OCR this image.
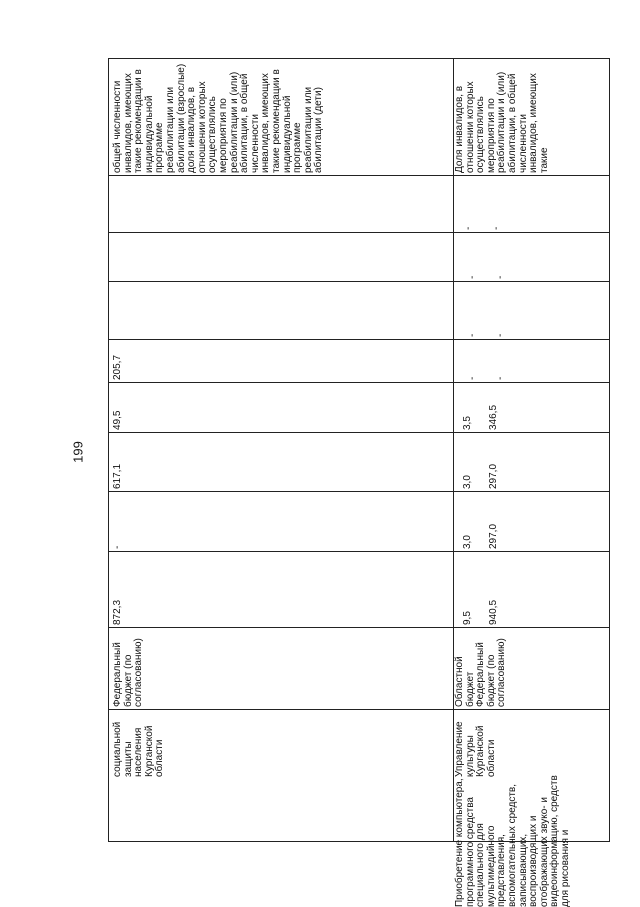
199
общей численности инвалидов, имеющих такие рекомендации в индивидуальной программе реабилитации или абилитации (взрослые) доля инвалидов, в отношении которых осуществлялись мероприятия по реабилитации и (или) абилитации, в общей численности инвалидов, имеющих такие рекомендации в индивидуальной программе реабилитации или абилитации (дети)
205,7
49,5
617,1
-
872,3
Федеральный бюджет (по согласованию)
социальной защиты населения Курганской области
Доля инвалидов, в отношении которых осуществлялись мероприятия по реабилитации и (или) абилитации, в общей численности инвалидов, имеющих такие
-
-
-
-
-
-
-
-
3,5
346,5
3,0
297,0
3,0
297,0
9,5
940,5
Областной бюджет Федеральный бюджет (по согласованию)
Управление культуры Курганской области
Приобретение компьютера, программного средства специального для мультимедийного представления, вспомогательных средств, записывающих, воспроизводящих и отображающих звуко- и видеоинформацию, средств для рисования и
